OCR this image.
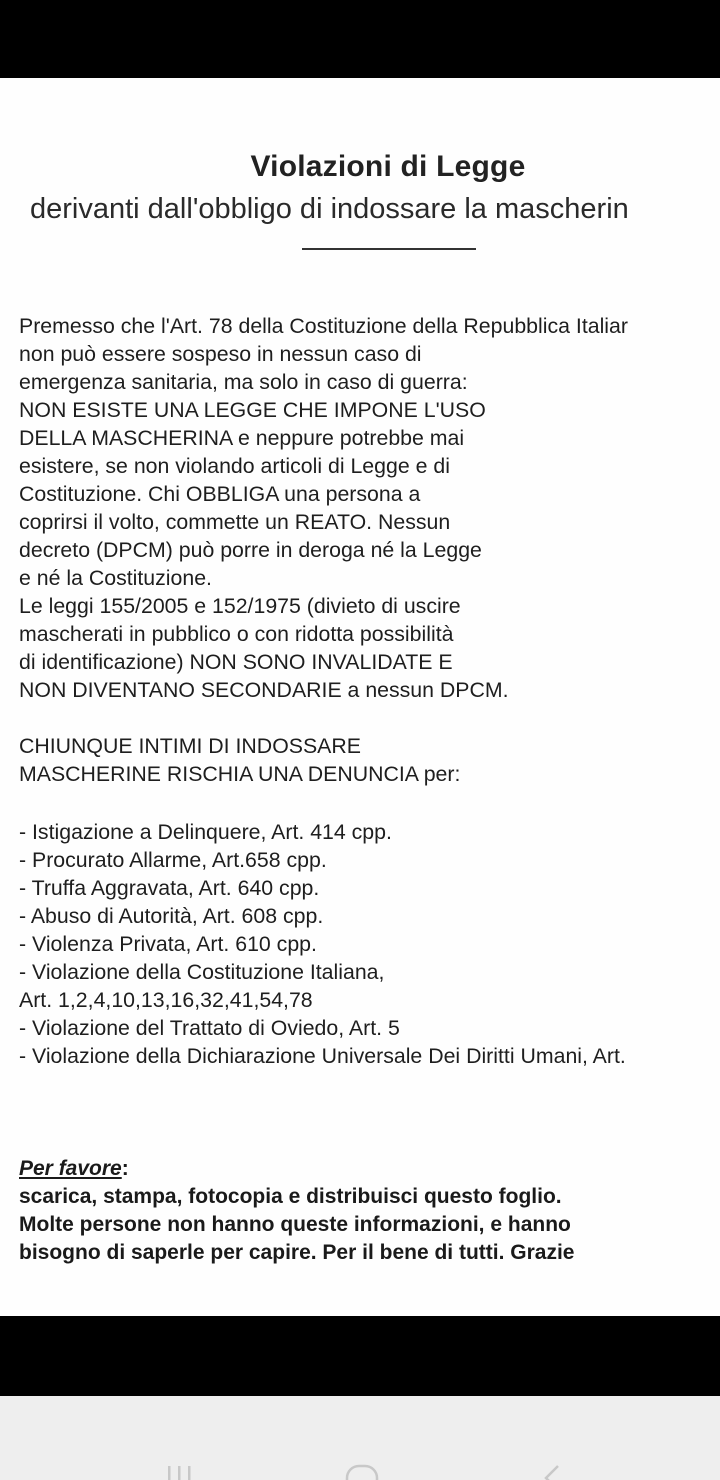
Violazioni di Legge
derivanti dall'obbligo di indossare la mascherin
Premesso che l'Art. 78 della Costituzione della Repubblica Italiar
non può essere sospeso in nessun caso di
emergenza sanitaria, ma solo in caso di guerra:
NON ESISTE UNA LEGGE CHE IMPONE L'USO
DELLA MASCHERINA e neppure potrebbe mai
esistere, se non violando articoli di Legge e di
Costituzione. Chi OBBLIGA una persona a
coprirsi il volto, commette un REATO. Nessun
decreto (DPCM) può porre in deroga né la Legge
e né la Costituzione.
Le leggi 155/2005 e 152/1975 (divieto di uscire
mascherati in pubblico o con ridotta possibilità
di identificazione) NON SONO INVALIDATE E
NON DIVENTANO SECONDARIE a nessun DPCM.
CHIUNQUE INTIMI DI INDOSSARE
MASCHERINE RISCHIA UNA DENUNCIA per:
- Istigazione a Delinquere, Art. 414 cpp.
- Procurato Allarme, Art.658 cpp.
- Truffa Aggravata, Art. 640 cpp.
- Abuso di Autorità, Art. 608 cpp.
- Violenza Privata, Art. 610 cpp.
- Violazione della Costituzione Italiana,
Art. 1,2,4,10,13,16,32,41,54,78
- Violazione del Trattato di Oviedo, Art. 5
- Violazione della Dichiarazione Universale Dei Diritti Umani, Art.
Per favore:
scarica, stampa, fotocopia e distribuisci questo foglio.
Molte persone non hanno queste informazioni, e hanno
bisogno di saperle per capire. Per il bene di tutti. Grazie
